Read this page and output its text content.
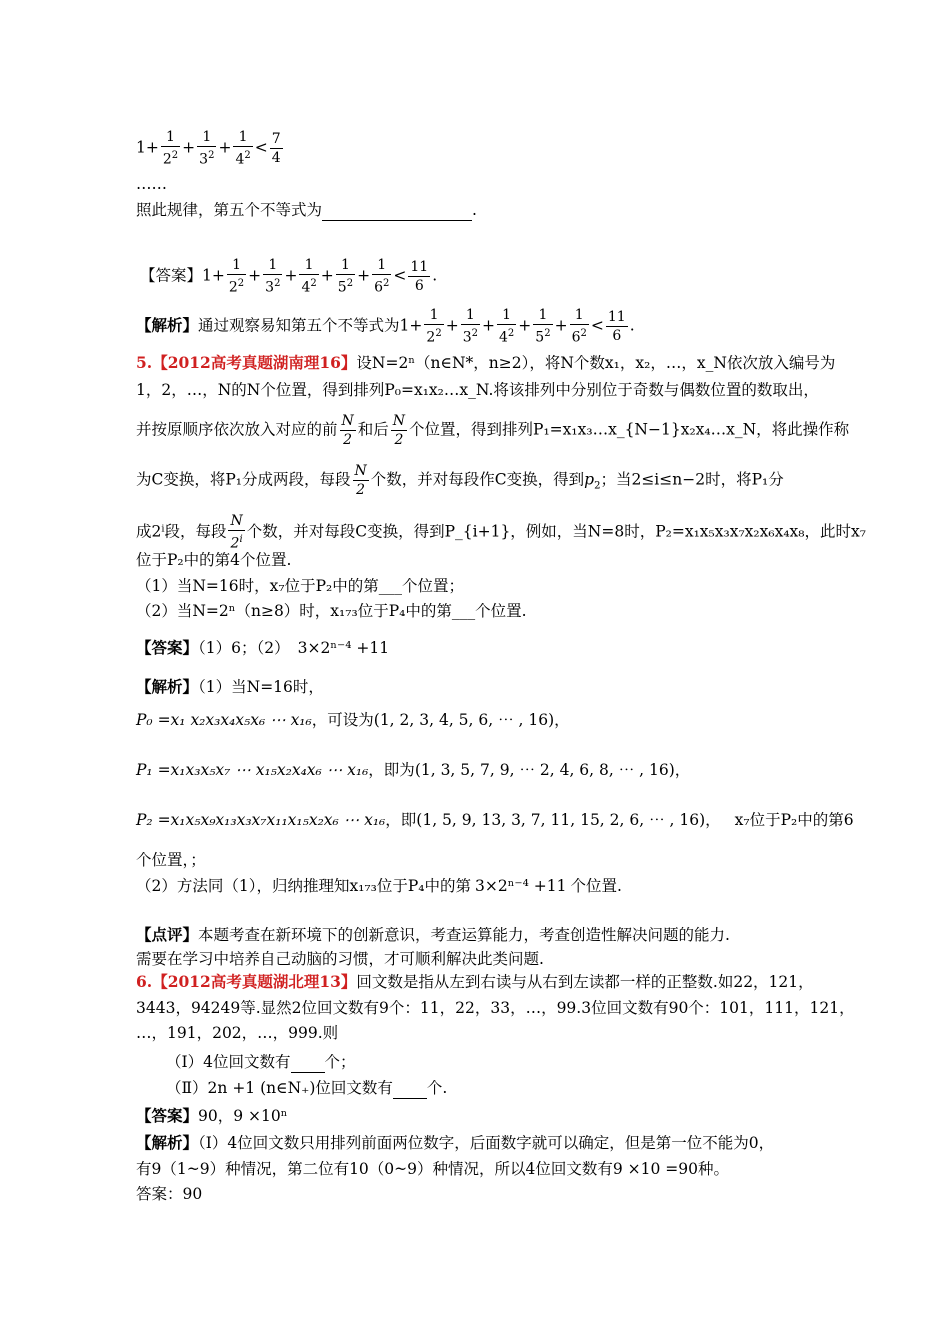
$1+ \frac{1}{2^2} + \frac{1}{3^2} + \frac{1}{4^2} < \frac{7}{4}$
……
照此规律，第五个不等式为	.
【答案】$1+ \frac{1}{2^2} + \frac{1}{3^2} + \frac{1}{4^2} + \frac{1}{5^2} + \frac{1}{6^2} < \frac{11}{6}$ .
【解析】通过观察易知第五个不等式为$1+ \frac{1}{2^2} + \frac{1}{3^2} + \frac{1}{4^2} + \frac{1}{5^2} + \frac{1}{6^2} < \frac{11}{6}$ .
5.【2012高考真题湖南理16】设N=2ⁿ（n∈N*，n≥2），将N个数x₁，x₂，…，x_N依次放入编号为
1，2，…，N的N个位置，得到排列P₀=x₁x₂…x_N.将该排列中分别位于奇数与偶数位置的数取出，
并按原顺序依次放入对应的前 $\frac{N}{2}$ 和后 $\frac{N}{2}$ 个位置，得到排列P₁=x₁x₃…x_{N−1}x₂x₄…x_N，将此操作称
为C变换，将P₁分成两段，每段 $\frac{N}{2}$ 个数，并对每段作C变换，得到$p_2$；当2≤i≤n−2时，将P₁分
成2ⁱ段，每段 $\frac{N}{2^i}$ 个数，并对每段C变换，得到P_{i+1}，例如，当N=8时，P₂=x₁x₅x₃x₇x₂x₆x₄x₈，此时x₇
位于P₂中的第4个位置.
（1）当N=16时，x₇位于P₂中的第___个位置；
（2）当N=2ⁿ（n≥8）时，x₁₇₃位于P₄中的第___个位置.
【答案】（1）6；（2） 3×2ⁿ⁻⁴ +11
【解析】（1）当N=16时，
P₀ =x₁ x₂x₃x₄x₅x₆ ⋯ x₁₆，可设为(1, 2, 3, 4, 5, 6, ⋯ , 16)，
P₁ =x₁x₃x₅x₇ ⋯ x₁₅x₂x₄x₆ ⋯ x₁₆，即为(1, 3, 5, 7, 9, ⋯ 2, 4, 6, 8, ⋯ , 16)，
P₂ =x₁x₅x₉x₁₃x₃x₇x₁₁x₁₅x₂x₆ ⋯ x₁₆，即(1, 5, 9, 13, 3, 7, 11, 15, 2, 6, ⋯ , 16)， x₇位于P₂中的第6
个位置，；
（2）方法同（1），归纳推理知x₁₇₃位于P₄中的第 3×2ⁿ⁻⁴ +11 个位置.
【点评】本题考查在新环境下的创新意识，考查运算能力，考查创造性解决问题的能力.
需要在学习中培养自己动脑的习惯，才可顺利解决此类问题.
6.【2012高考真题湖北理13】回文数是指从左到右读与从右到左读都一样的正整数.如22，121，
3443，94249等.显然2位回文数有9个：11，22，33，…，99.3位回文数有90个：101，111，121，
…，191，202，…，999.则
（Ⅰ）4位回文数有 个；
（Ⅱ）2n +1 (n∈N₊)位回文数有 个.
【答案】90，9 ×10ⁿ
【解析】（Ⅰ）4位回文数只用排列前面两位数字，后面数字就可以确定，但是第一位不能为0，
有9（1~9）种情况，第二位有10（0~9）种情况，所以4位回文数有9 ×10 =90种。
答案：90
